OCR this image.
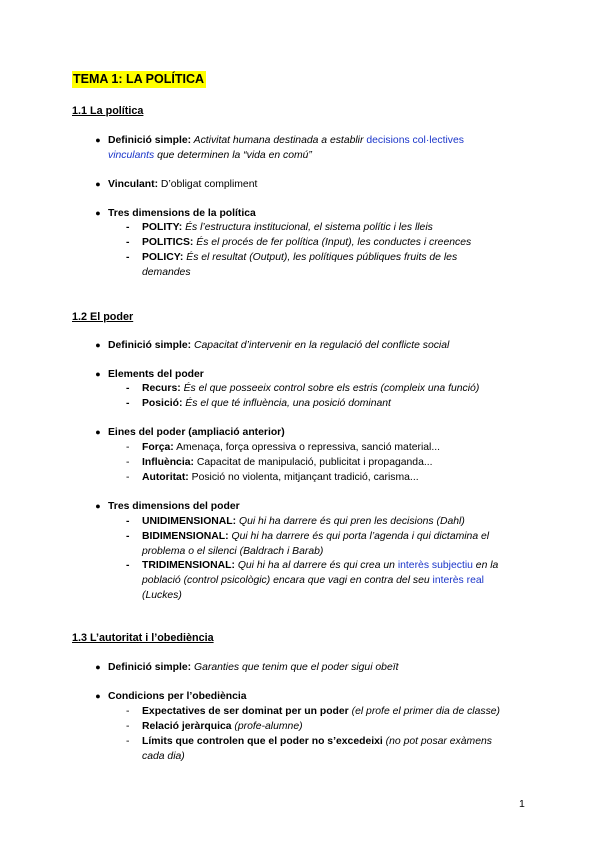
TEMA 1: LA POLÍTICA
1.1 La política
● Definició simple: Activitat humana destinada a establir decisions col·lectives
vinculants que determinen la “vida en comú”
● Vinculant: D’obligat compliment
● Tres dimensions de la política
-	POLITY: És l’estructura institucional, el sistema polític i les lleis
-	POLITICS: És el procés de fer política (Input), les conductes i creences
-	POLICY: És el resultat (Output), les polítiques públiques fruits de les
demandes
1.2 El poder
● Definició simple: Capacitat d’intervenir en la regulació del conflicte social
● Elements del poder
-	Recurs: És el que posseeix control sobre els estris (compleix una funció)
-	Posició: És el que té influència, una posició dominant
● Eines del poder (ampliació anterior)
-	Força: Amenaça, força opressiva o repressiva, sanció material...
-	Influència: Capacitat de manipulació, publicitat i propaganda...
-	Autoritat: Posició no violenta, mitjançant tradició, carisma...
● Tres dimensions del poder
-	UNIDIMENSIONAL: Qui hi ha darrere és qui pren les decisions (Dahl)
-	BIDIMENSIONAL: Qui hi ha darrere és qui porta l’agenda i qui dictamina el
problema o el silenci (Baldrach i Barab)
-	TRIDIMENSIONAL: Qui hi ha al darrere és qui crea un interès subjectiu en la
població (control psicològic) encara que vagi en contra del seu interès real
(Luckes)
1.3 L’autoritat i l’obediència
● Definició simple: Garanties que tenim que el poder sigui obeït
● Condicions per l’obediència
-	Expectatives de ser dominat per un poder (el profe el primer dia de classe)
-	Relació jeràrquica (profe-alumne)
-	Límits que controlen que el poder no s’excedeixi (no pot posar exàmens
cada dia)
1
